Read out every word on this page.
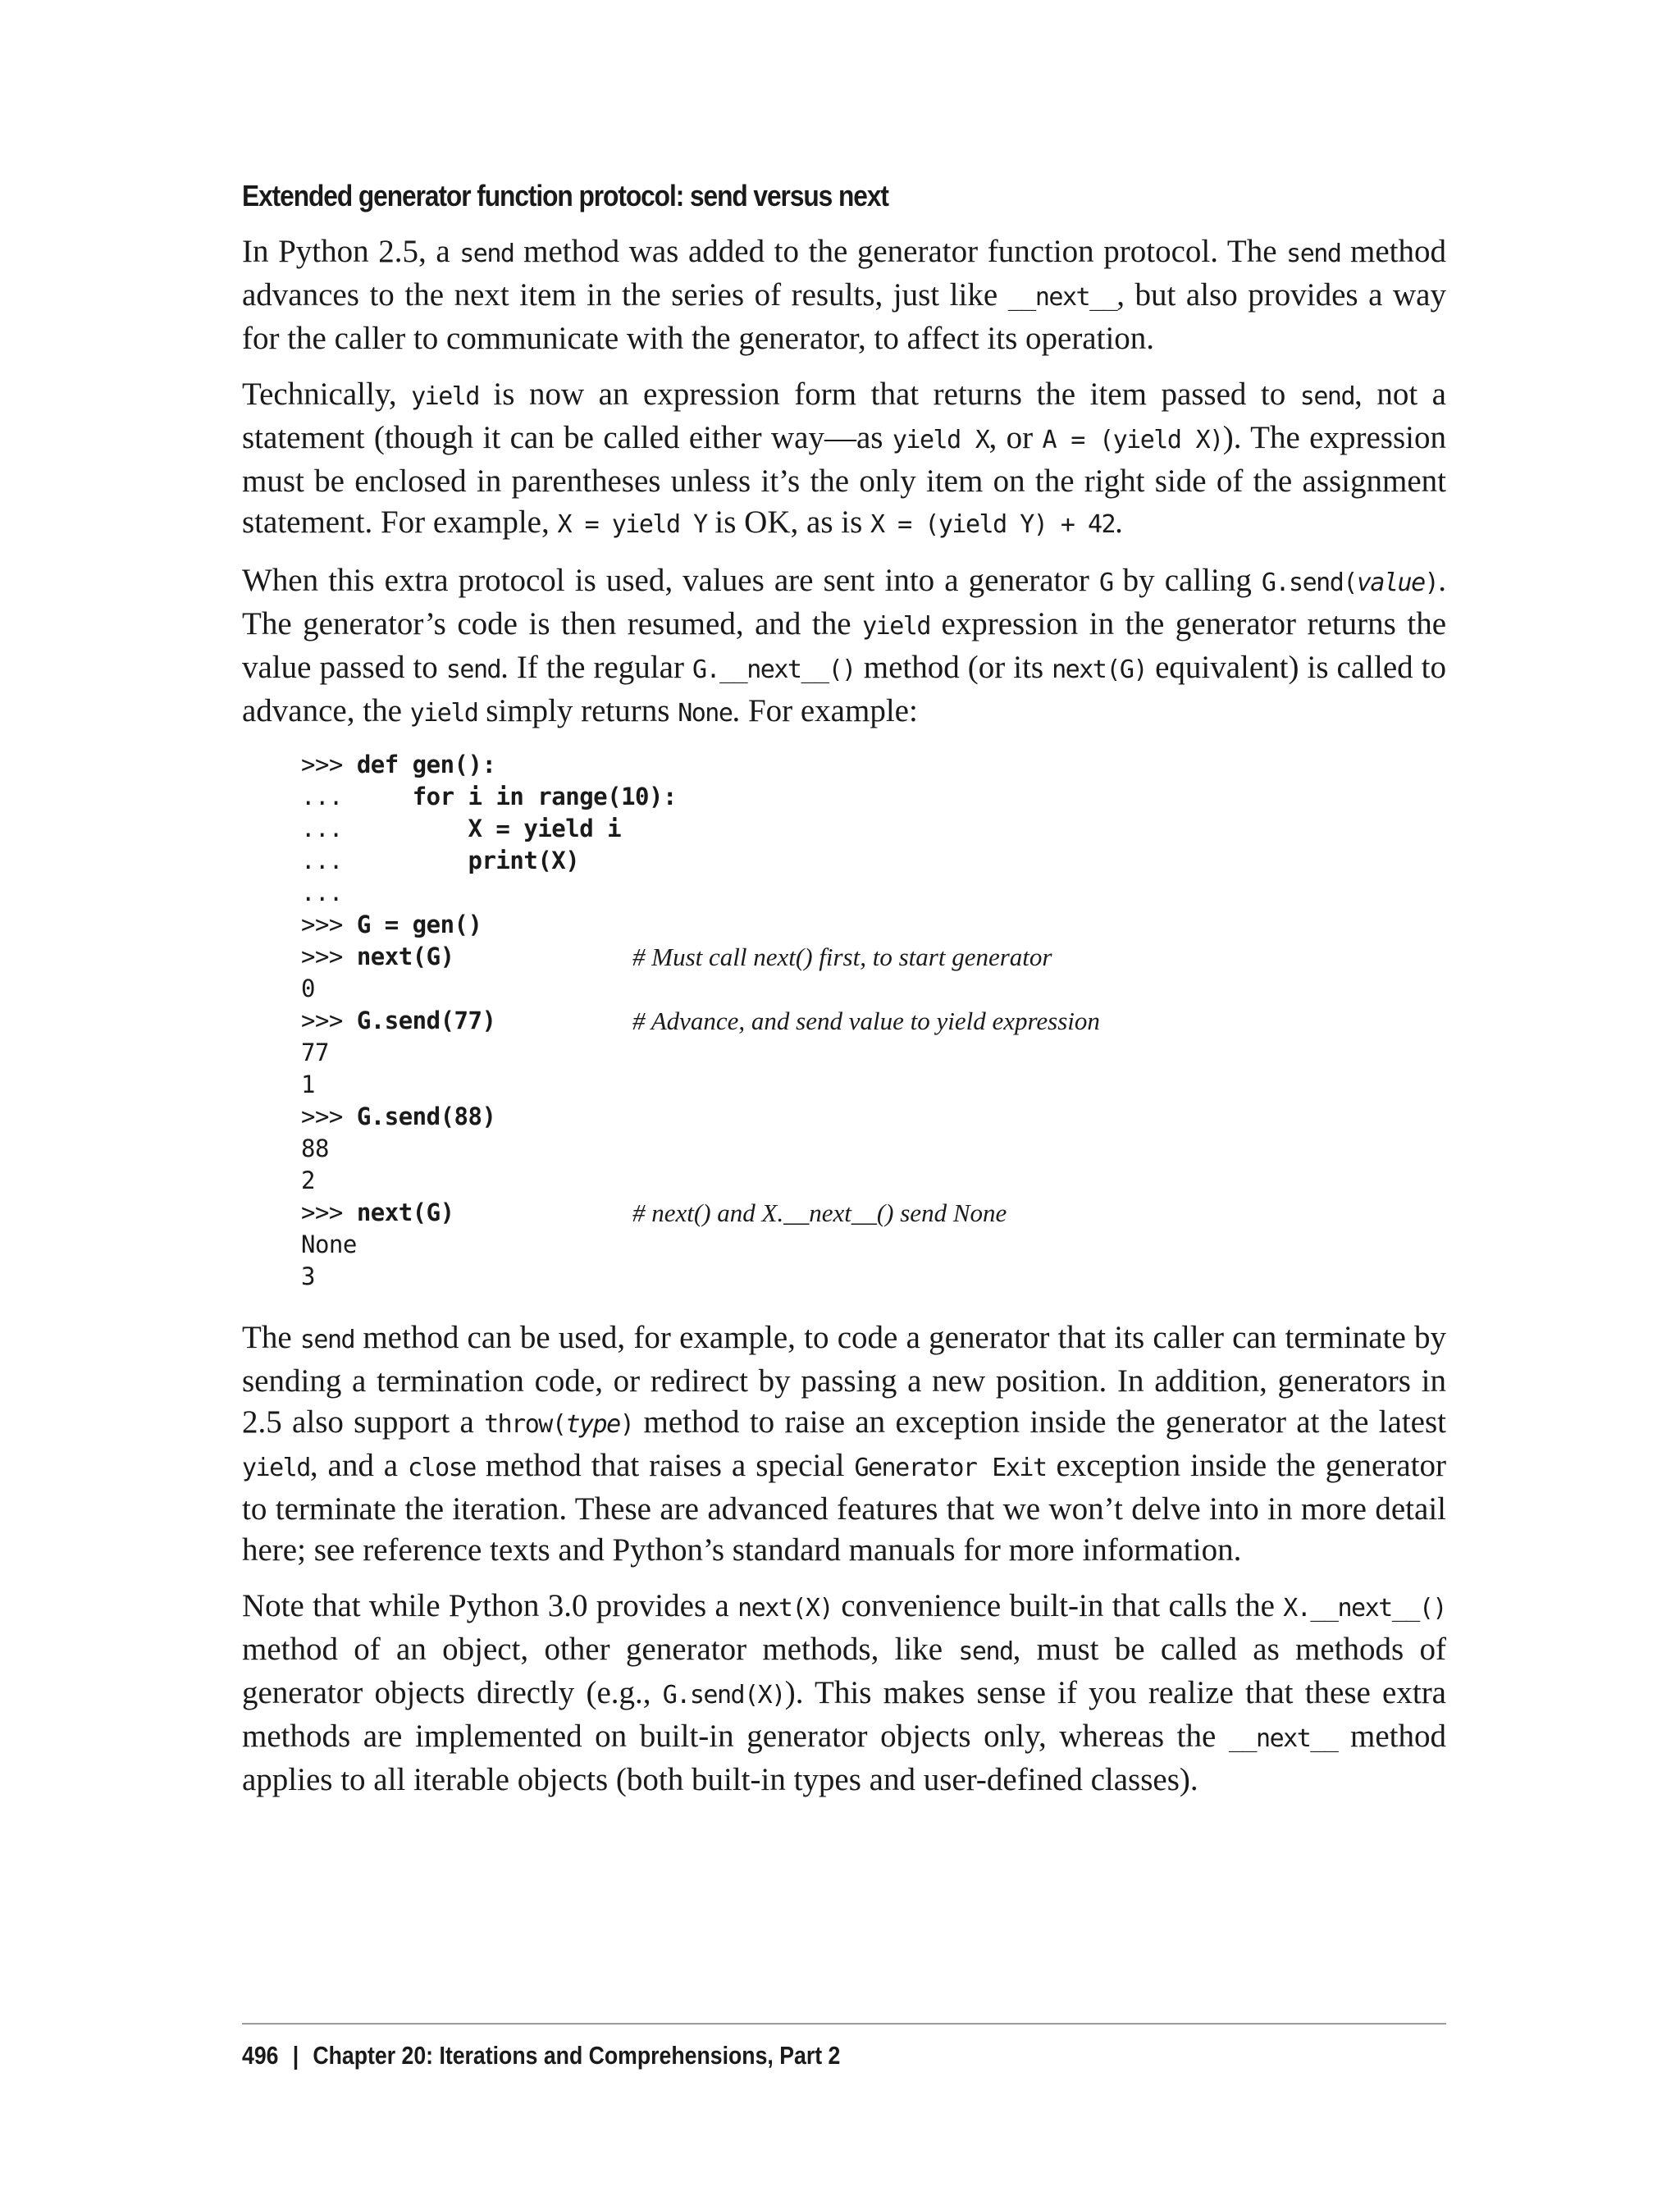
Extended generator function protocol: send versus next

In Python 2.5, a send method was added to the generator function protocol. The send method advances to the next item in the series of results, just like __next__, but also provides a way for the caller to communicate with the generator, to affect its operation.

Technically, yield is now an expression form that returns the item passed to send, not a statement (though it can be called either way—as yield X, or A = (yield X)). The expression must be enclosed in parentheses unless it’s the only item on the right side of the assignment statement. For example, X = yield Y is OK, as is X = (yield Y) + 42.

When this extra protocol is used, values are sent into a generator G by calling G.send(value). The generator’s code is then resumed, and the yield expression in the generator returns the value passed to send. If the regular G.__next__() method (or its next(G) equivalent) is called to advance, the yield simply returns None. For example:

>>> def gen():
...     for i in range(10):
...         X = yield i
...         print(X)
...
>>> G = gen()
>>> next(G)	# Must call next() first, to start generator
0
>>> G.send(77)	# Advance, and send value to yield expression
77
1
>>> G.send(88)
88
2
>>> next(G)	# next() and X.__next__() send None
None
3

The send method can be used, for example, to code a generator that its caller can terminate by sending a termination code, or redirect by passing a new position. In addition, generators in 2.5 also support a throw(type) method to raise an exception inside the generator at the latest yield, and a close method that raises a special Generator Exit exception inside the generator to terminate the iteration. These are advanced features that we won’t delve into in more detail here; see reference texts and Python’s standard manuals for more information.

Note that while Python 3.0 provides a next(X) convenience built-in that calls the X.__next__() method of an object, other generator methods, like send, must be called as methods of generator objects directly (e.g., G.send(X)). This makes sense if you realize that these extra methods are implemented on built-in generator objects only, whereas the __next__ method applies to all iterable objects (both built-in types and user-defined classes).

496 | Chapter 20: Iterations and Comprehensions, Part 2
